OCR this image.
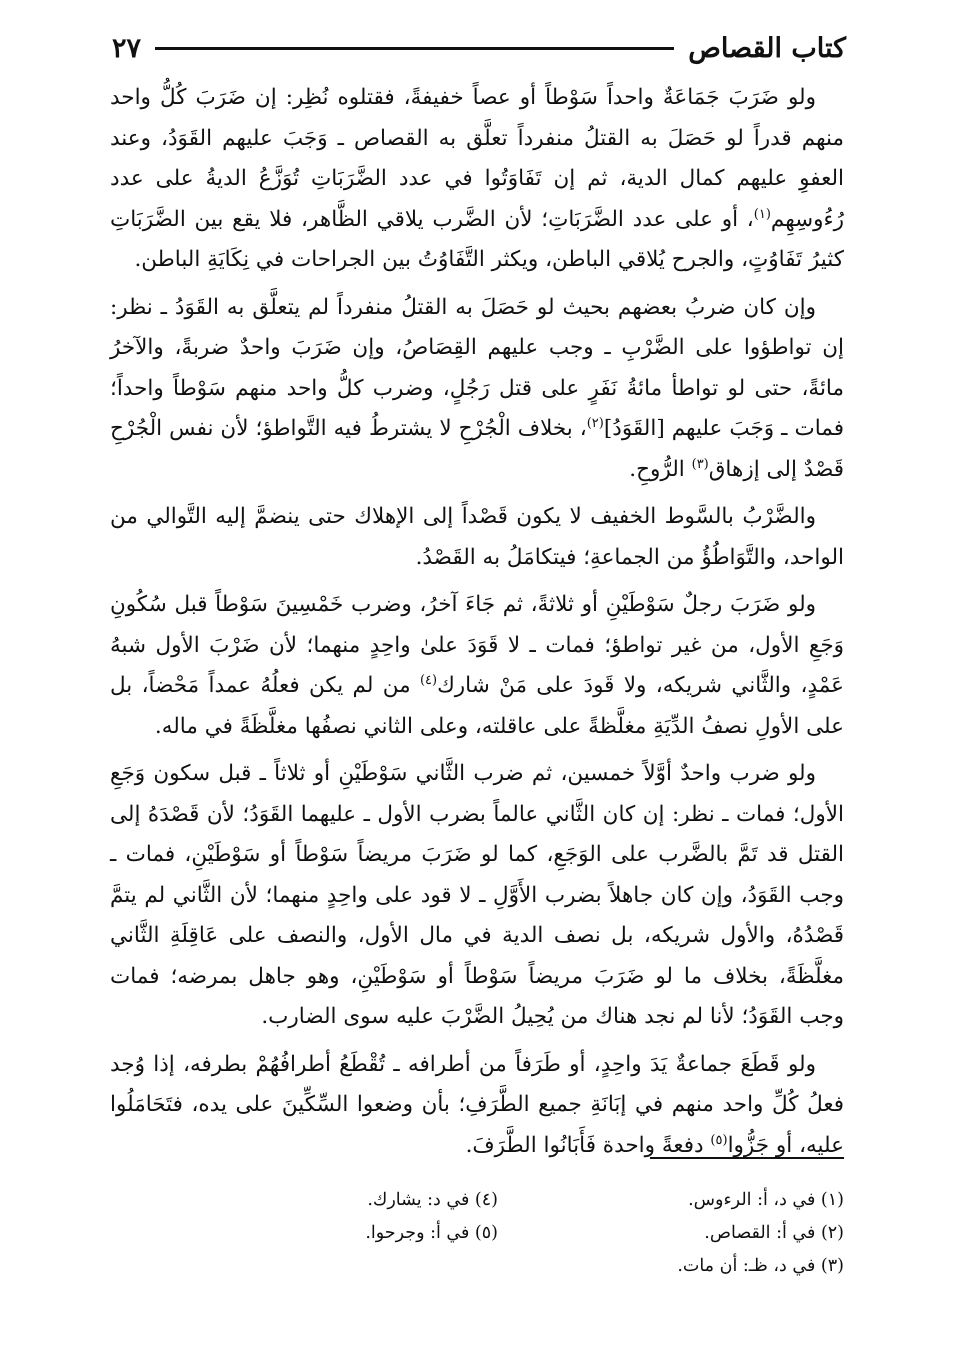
كتاب القصاص
٢٧

ولو ضَرَبَ جَمَاعَةٌ واحداً سَوْطاً أو عصاً خفيفةً، فقتلوه نُظِر: إن ضَرَبَ كُلُّ واحد منهم قدراً لو حَصَلَ به القتلُ منفرداً تعلَّق به القصاص ـ وَجَبَ عليهم القَوَدُ، وعند العفوِ عليهم كمال الدية، ثم إن تَفَاوَتُوا في عدد الضَّرَبَاتِ تُوَزَّعُ الديةُ على عدد رُءُوسِهِم$^{(١)}$، أو على عدد الضَّرَبَاتِ؛ لأن الضَّرب يلاقي الظَّاهر، فلا يقع بين الضَّرَبَاتِ كثيرُ تَفَاوُتٍ، والجرح يُلاقي الباطن، ويكثر التَّفَاوُتُ بين الجراحات في نِكَايَةِ الباطن.

وإن كان ضربُ بعضهم بحيث لو حَصَلَ به القتلُ منفرداً لم يتعلَّق به القَوَدُ ـ نظر: إن تواطؤوا على الضَّرْبِ ـ وجب عليهم القِصَاصُ، وإن ضَرَبَ واحدٌ ضربةً، والآخرُ مائةً، حتى لو تواطأ مائةُ نَفَرٍ على قتل رَجُلٍ، وضرب كلُّ واحد منهم سَوْطاً واحداً؛ فمات ـ وَجَبَ عليهم [القَوَدُ]$^{(٢)}$، بخلاف الْجُرْحِ لا يشترطُ فيه التَّواطؤ؛ لأن نفس الْجُرْحِ قَصْدٌ إلى إزهاق$^{(٣)}$ الرُّوحِ.

والضَّرْبُ بالسَّوط الخفيف لا يكون قَصْداً إلى الإهلاك حتى ينضمَّ إليه التَّوالي من الواحد، والتَّوَاطُؤُ من الجماعةِ؛ فيتكامَلُ به القَصْدُ.

ولو ضَرَبَ رجلٌ سَوْطَيْنِ أو ثلاثةً، ثم جَاءَ آخرُ، وضرب خَمْسِينَ سَوْطاً قبل سُكُونِ وَجَعِ الأول، من غير تواطؤ؛ فمات ـ لا قَوَدَ علىٰ واحِدٍ منهما؛ لأن ضَرْبَ الأول شبهُ عَمْدٍ، والثَّاني شريكه، ولا قَودَ على مَنْ شارك$^{(٤)}$ من لم يكن فعلُهُ عمداً مَحْضاً، بل على الأولِ نصفُ الدِّيَةِ مغلَّظةً على عاقلته، وعلى الثاني نصفُها مغلَّظَةً في ماله.

ولو ضرب واحدٌ أوَّلاً خمسين، ثم ضرب الثَّاني سَوْطَيْنِ أو ثلاثاً ـ قبل سكون وَجَعِ الأول؛ فمات ـ نظر: إن كان الثَّاني عالماً بضرب الأول ـ عليهما القَوَدُ؛ لأن قَصْدَهُ إلى القتل قد تَمَّ بالضَّرب على الوَجَعِ، كما لو ضَرَبَ مريضاً سَوْطاً أو سَوْطَيْنِ، فمات ـ وجب القَوَدُ، وإن كان جاهلاً بضرب الأَوَّلِ ـ لا قود على واحِدٍ منهما؛ لأن الثَّاني لم يتمَّ قَصْدُهُ، والأول شريكه، بل نصف الدية في مال الأول، والنصف على عَاقِلَةِ الثَّاني مغلَّظَةً، بخلاف ما لو ضَرَبَ مريضاً سَوْطاً أو سَوْطَيْنِ، وهو جاهل بمرضه؛ فمات وجب القَوَدُ؛ لأنا لم نجد هناك من يُحِيلُ الضَّرْبَ عليه سوى الضارب.

ولو قَطَعَ جماعةٌ يَدَ واحِدٍ، أو طَرَفاً من أطرافه ـ تُقْطَعُ أطرافُهُمْ بطرفه، إذا وُجد فعلُ كُلِّ واحد منهم في إبَانَةِ جميع الطَّرَفِ؛ بأن وضعوا السِّكِّينَ على يده، فتَحَامَلُوا عليه، أو جَزُّوا$^{(٥)}$ دفعةً واحدة فَأَبَانُوا الطَّرَفَ.

(١) في د، أ: الرءوس.
(٢) في أ: القصاص.
(٣) في د، ظـ: أن مات.
(٤) في د: يشارك.
(٥) في أ: وجرحوا.
